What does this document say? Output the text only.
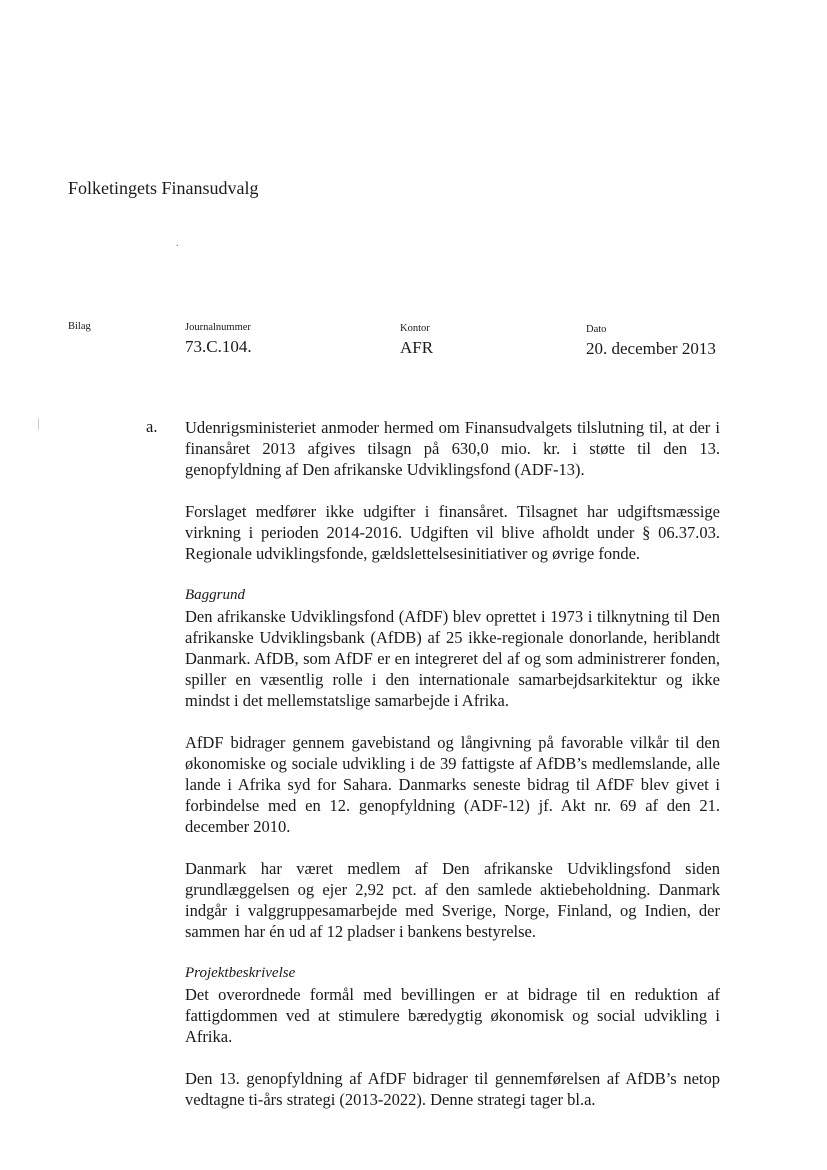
Folketingets Finansudvalg
.
Bilag	Journalnummer
73.C.104.
Kontor
AFR
Dato
20. december 2013
a. Udenrigsministeriet anmoder hermed om Finansudvalgets tilslutning til, at der i finansåret 2013 afgives tilsagn på 630,0 mio. kr. i støtte til den 13. genopfyldning af Den afrikanske Udviklingsfond (ADF-13).

Forslaget medfører ikke udgifter i finansåret. Tilsagnet har udgiftsmæssige virkning i perioden 2014-2016. Udgiften vil blive afholdt under § 06.37.03. Regionale udviklingsfonde, gældslettelsesinitiativer og øvrige fonde.

Baggrund

Den afrikanske Udviklingsfond (AfDF) blev oprettet i 1973 i tilknytning til Den afrikanske Udviklingsbank (AfDB) af 25 ikke-regionale donorlande, heriblandt Danmark. AfDB, som AfDF er en integreret del af og som administrerer fonden, spiller en væsentlig rolle i den internationale samarbejdsarkitektur og ikke mindst i det mellemstatslige samarbejde i Afrika.

AfDF bidrager gennem gavebistand og långivning på favorable vilkår til den økonomiske og sociale udvikling i de 39 fattigste af AfDB’s medlemslande, alle lande i Afrika syd for Sahara. Danmarks seneste bidrag til AfDF blev givet i forbindelse med en 12. genopfyldning (ADF-12) jf. Akt nr. 69 af den 21. december 2010.

Danmark har været medlem af Den afrikanske Udviklingsfond siden grundlæggelsen og ejer 2,92 pct. af den samlede aktiebeholdning. Danmark indgår i valggruppesamarbejde med Sverige, Norge, Finland, og Indien, der sammen har én ud af 12 pladser i bankens bestyrelse.

Projektbeskrivelse

Det overordnede formål med bevillingen er at bidrage til en reduktion af fattigdommen ved at stimulere bæredygtig økonomisk og social udvikling i Afrika.

Den 13. genopfyldning af AfDF bidrager til gennemførelsen af AfDB’s netop vedtagne ti-års strategi (2013-2022). Denne strategi tager bl.a.
